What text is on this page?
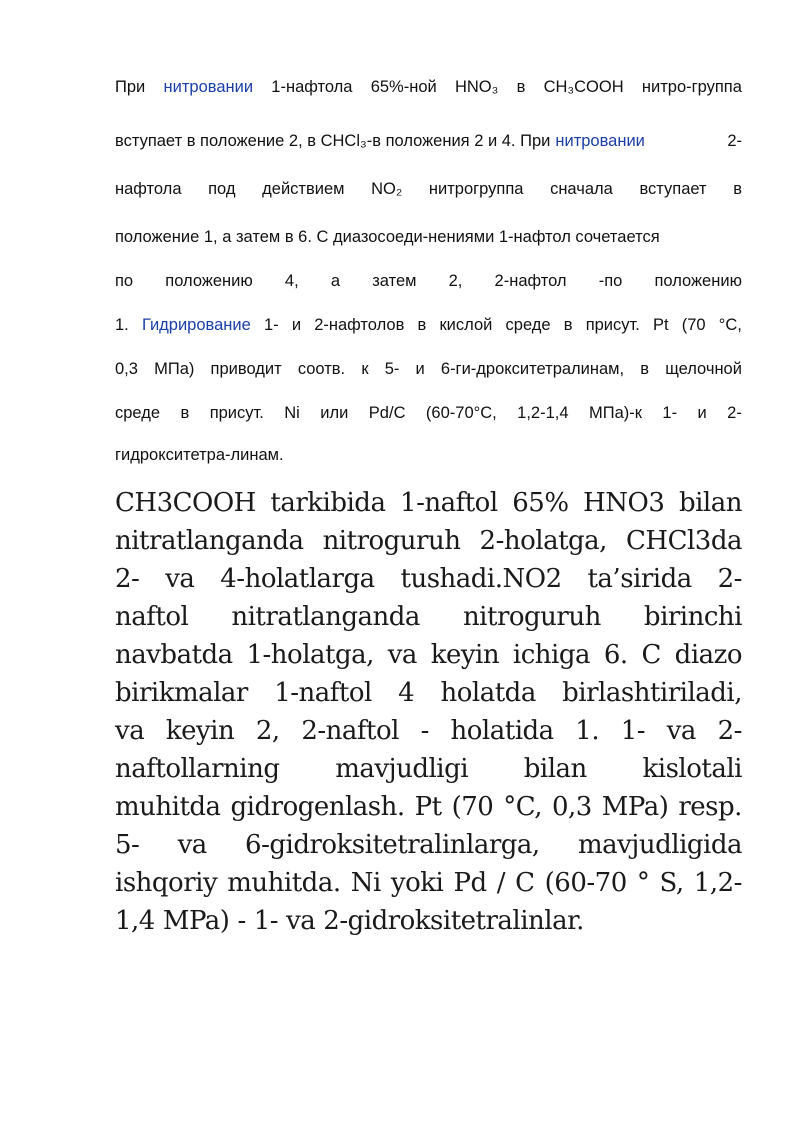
При нитровании 1-нафтола 65%-ной HNO₃ в CH₃COOH нитро-группа
вступает в положение 2, в CHCl₃-в положения 2 и 4. При нитровании	2-
нафтола под действием NO₂ нитрогруппа сначала вступает в
положение 1, а затем в 6. С диазосоеди-нениями 1-нафтол сочетается
по положению 4, а затем 2, 2-нафтол -по положению
1. Гидрирование 1- и 2-нафтолов в кислой среде в присут. Pt (70 °С,
0,3 МПа) приводит соотв. к 5- и 6-ги-дрокситетралинам, в щелочной
среде в присут. Ni или Pd/C (60-70°С, 1,2-1,4 МПа)-к 1- и 2-
гидрокситетра-линам.
CH3COOH tarkibida 1-naftol 65% HNO3 bilan
nitratlanganda nitroguruh 2-holatga, CHCl3da
2- va 4-holatlarga tushadi.NO2 ta’sirida 2-
naftol nitratlanganda nitroguruh birinchi
navbatda 1-holatga, va keyin ichiga 6. C diazo
birikmalar 1-naftol 4 holatda birlashtiriladi,
va keyin 2, 2-naftol - holatida 1. 1- va 2-
naftollarning mavjudligi bilan kislotali
muhitda gidrogenlash. Pt (70 °C, 0,3 MPa) resp.
5- va 6-gidroksitetralinlarga, mavjudligida
ishqoriy muhitda. Ni yoki Pd / C (60-70 ° S, 1,2-
1,4 MPa) - 1- va 2-gidroksitetralinlar.
